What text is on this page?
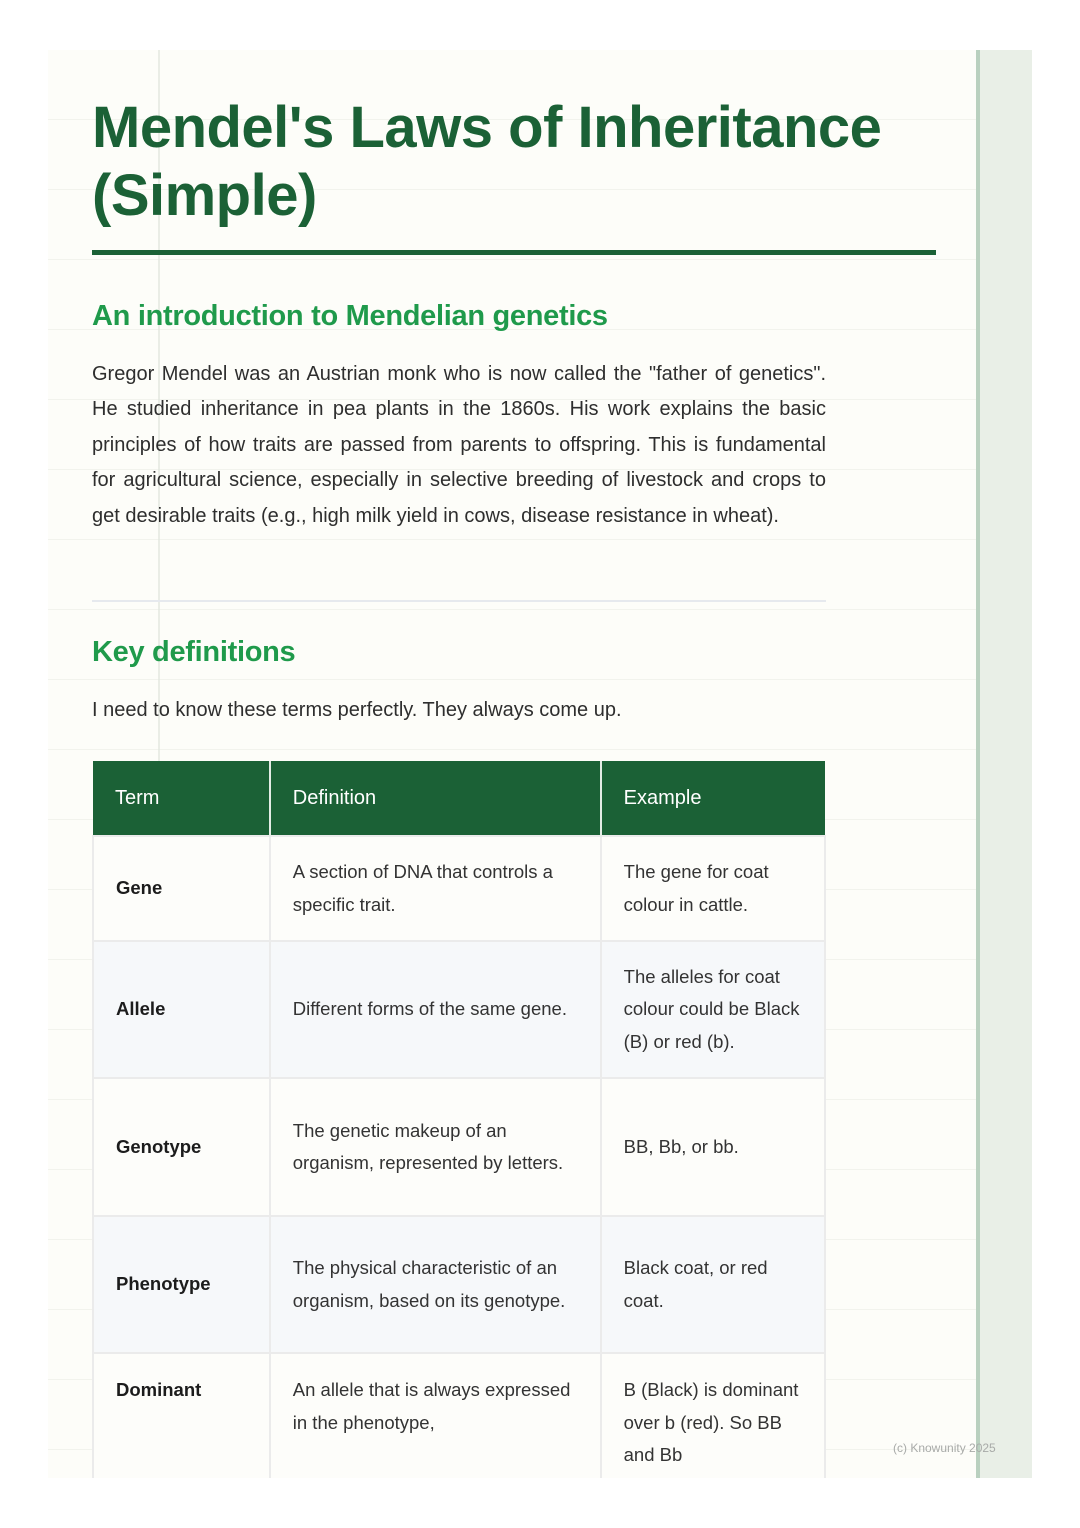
Mendel's Laws of Inheritance (Simple)
An introduction to Mendelian genetics

Gregor Mendel was an Austrian monk who is now called the "father of genetics". He studied inheritance in pea plants in the 1860s. His work explains the basic principles of how traits are passed from parents to offspring. This is fundamental for agricultural science, especially in selective breeding of livestock and crops to get desirable traits (e.g., high milk yield in cows, disease resistance in wheat).

Key definitions

I need to know these terms perfectly. They always come up.

Term	Definition	Example
Gene	A section of DNA that controls a specific trait.	The gene for coat colour in cattle.
Allele	Different forms of the same gene.	The alleles for coat colour could be Black (B) or red (b).
Genotype	The genetic makeup of an organism, represented by letters.	BB, Bb, or bb.
Phenotype	The physical characteristic of an organism, based on its genotype.	Black coat, or red coat.
Dominant	An allele that is always expressed in the phenotype,	B (Black) is dominant over b (red). So BB and Bb	(c) Knowunity 2025
